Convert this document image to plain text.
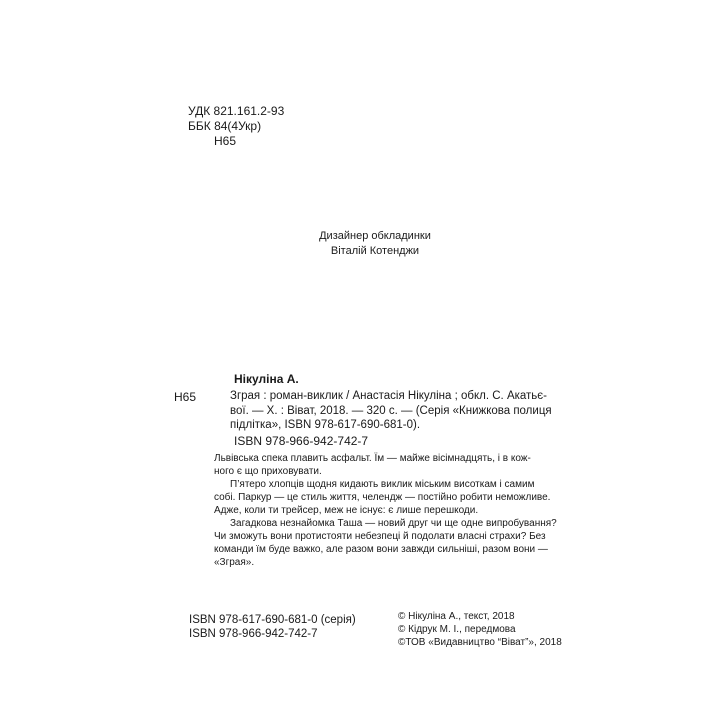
УДК 821.161.2-93
ББК 84(4Укр)
Н65
Дизайнер обкладинки
Віталій Котенджи
Нікуліна А.
Н65	Зграя : роман-виклик / Анастасія Нікуліна ; обкл. С. Акатьє-
вої. — Х. : Віват, 2018. — 320 с. — (Серія «Книжкова полиця
підлітка», ISBN 978-617-690-681-0).
ISBN 978-966-942-742-7
Львівська спека плавить асфальт. Їм — майже вісімнадцять, і в кож-
ного є що приховувати.
П’ятеро хлопців щодня кидають виклик міським висоткам і самим
собі. Паркур — це стиль життя, челендж — постійно робити неможливе.
Адже, коли ти трейсер, меж не існує: є лише перешкоди.
Загадкова незнайомка Таша — новий друг чи ще одне випробування?
Чи зможуть вони протистояти небезпеці й подолати власні страхи? Без
команди їм буде важко, але разом вони завжди сильніші, разом вони —
«Зграя».
ISBN 978-617-690-681-0 (серія)
ISBN 978-966-942-742-7
© Нікуліна А., текст, 2018
© Кідрук М. І., передмова
©ТОВ «Видавництво “Віват”», 2018
